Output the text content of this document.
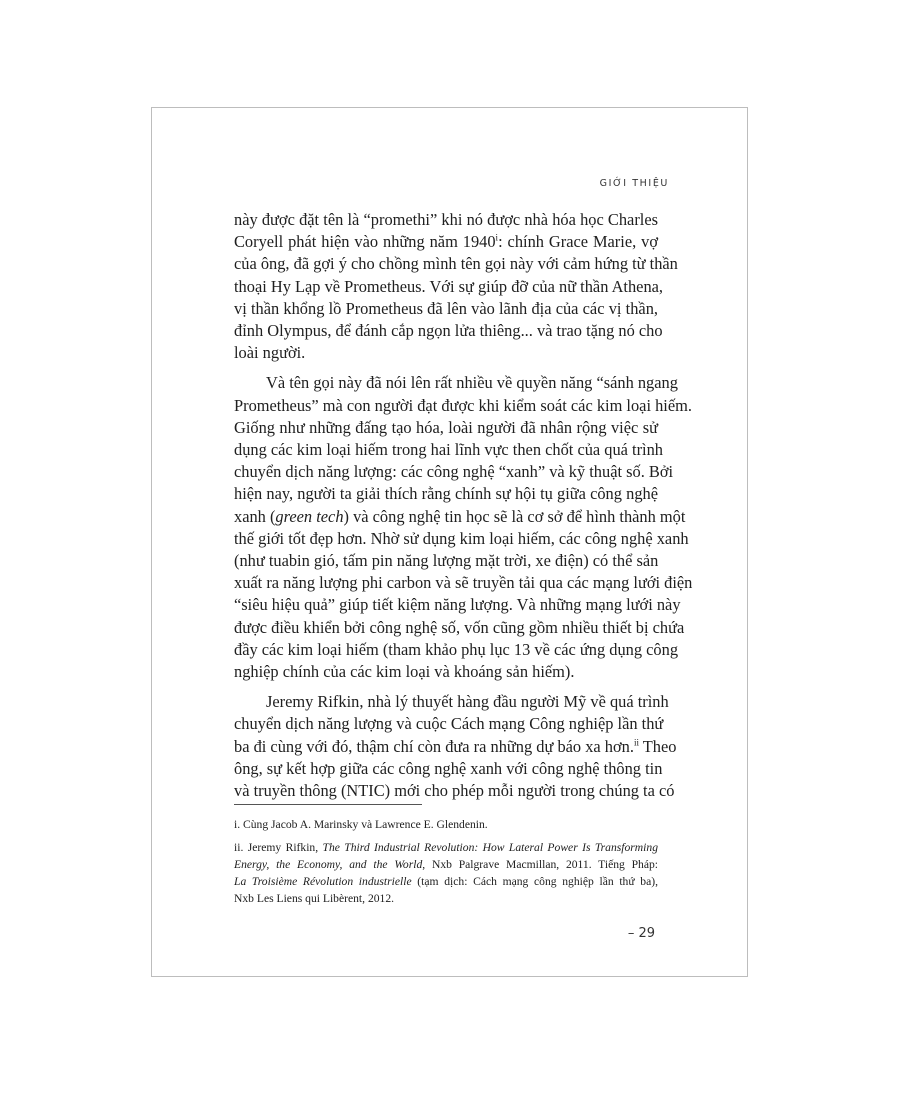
GIỚI THIỆU

này được đặt tên là “promethi” khi nó được nhà hóa học Charles
Coryell phát hiện vào những năm 1940$^i$: chính Grace Marie, vợ
của ông, đã gợi ý cho chồng mình tên gọi này với cảm hứng từ thần
thoại Hy Lạp về Prometheus. Với sự giúp đỡ của nữ thần Athena,
vị thần khổng lồ Prometheus đã lên vào lãnh địa của các vị thần,
đỉnh Olympus, để đánh cắp ngọn lửa thiêng... và trao tặng nó cho
loài người.

Và tên gọi này đã nói lên rất nhiều về quyền năng “sánh ngang
Prometheus” mà con người đạt được khi kiểm soát các kim loại hiếm.
Giống như những đấng tạo hóa, loài người đã nhân rộng việc sử
dụng các kim loại hiếm trong hai lĩnh vực then chốt của quá trình
chuyển dịch năng lượng: các công nghệ “xanh” và kỹ thuật số. Bởi
hiện nay, người ta giải thích rằng chính sự hội tụ giữa công nghệ
xanh (green tech) và công nghệ tin học sẽ là cơ sở để hình thành một
thế giới tốt đẹp hơn. Nhờ sử dụng kim loại hiếm, các công nghệ xanh
(như tuabin gió, tấm pin năng lượng mặt trời, xe điện) có thể sản
xuất ra năng lượng phi carbon và sẽ truyền tải qua các mạng lưới điện
“siêu hiệu quả” giúp tiết kiệm năng lượng. Và những mạng lưới này
được điều khiển bởi công nghệ số, vốn cũng gồm nhiều thiết bị chứa
đầy các kim loại hiếm (tham khảo phụ lục 13 về các ứng dụng công
nghiệp chính của các kim loại và khoáng sản hiếm).

Jeremy Rifkin, nhà lý thuyết hàng đầu người Mỹ về quá trình
chuyển dịch năng lượng và cuộc Cách mạng Công nghiệp lần thứ
ba đi cùng với đó, thậm chí còn đưa ra những dự báo xa hơn.$^{ii}$ Theo
ông, sự kết hợp giữa các công nghệ xanh với công nghệ thông tin
và truyền thông (NTIC) mới cho phép mỗi người trong chúng ta có

i. Cùng Jacob A. Marinsky và Lawrence E. Glendenin.
ii. Jeremy Rifkin, The Third Industrial Revolution: How Lateral Power Is Transforming
Energy, the Economy, and the World, Nxb Palgrave Macmillan, 2011. Tiếng Pháp:
La Troisième Révolution industrielle (tạm dịch: Cách mạng công nghiệp lần thứ ba),
Nxb Les Liens qui Libèrent, 2012.
– 29
